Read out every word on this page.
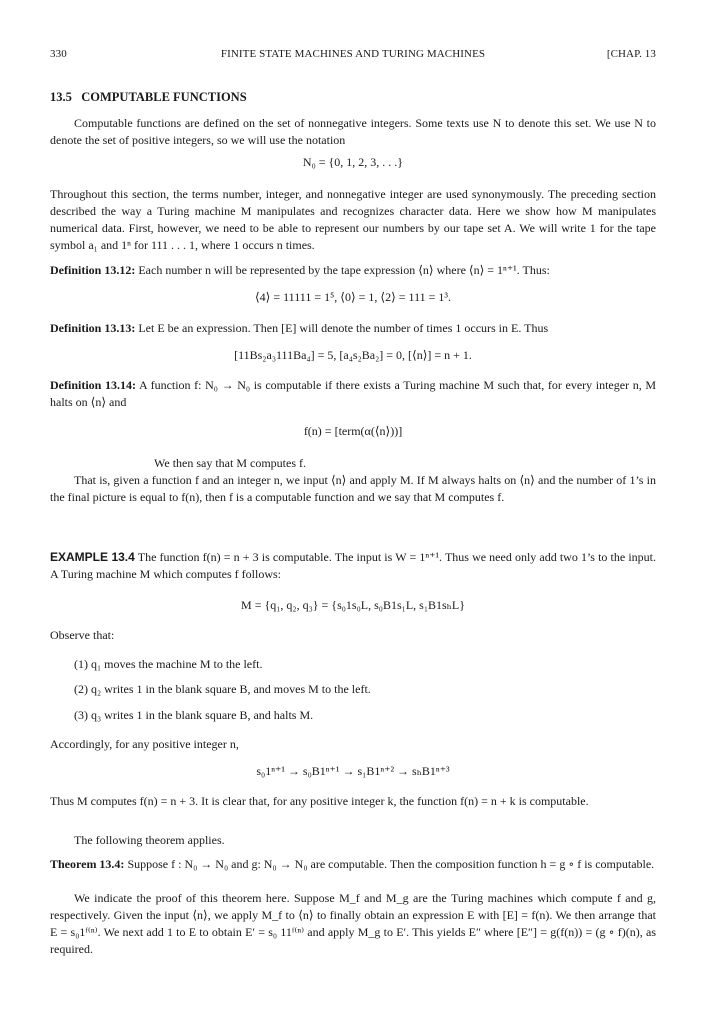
330	FINITE STATE MACHINES AND TURING MACHINES	[CHAP. 13
13.5 COMPUTABLE FUNCTIONS
Computable functions are defined on the set of nonnegative integers. Some texts use N to denote this set. We use N to denote the set of positive integers, so we will use the notation
N₀ = {0, 1, 2, 3, . . .}
Throughout this section, the terms number, integer, and nonnegative integer are used synonymously. The preceding section described the way a Turing machine M manipulates and recognizes character data. Here we show how M manipulates numerical data. First, however, we need to be able to represent our numbers by our tape set A. We will write 1 for the tape symbol a₁ and 1ⁿ for 111 . . . 1, where 1 occurs n times.
Definition 13.12: Each number n will be represented by the tape expression ⟨n⟩ where ⟨n⟩ = 1ⁿ⁺¹. Thus:
⟨4⟩ = 11111 = 1⁵, ⟨0⟩ = 1, ⟨2⟩ = 111 = 1³.
Definition 13.13: Let E be an expression. Then [E] will denote the number of times 1 occurs in E. Thus
[11Bs₂a₃111Ba₄] = 5, [a₄s₂Ba₂] = 0, [⟨n⟩] = n + 1.
Definition 13.14: A function f: N₀ → N₀ is computable if there exists a Turing machine M such that, for every integer n, M halts on ⟨n⟩ and
f(n) = [term(α(⟨n⟩))]
We then say that M computes f.
That is, given a function f and an integer n, we input ⟨n⟩ and apply M. If M always halts on ⟨n⟩ and the number of 1’s in the final picture is equal to f(n), then f is a computable function and we say that M computes f.
EXAMPLE 13.4 The function f(n) = n + 3 is computable. The input is W = 1ⁿ⁺¹. Thus we need only add two 1’s to the input. A Turing machine M which computes f follows:
M = {q₁, q₂, q₃} = {s₀1s₀L, s₀B1s₁L, s₁B1sₕL}
Observe that:
(1) q₁ moves the machine M to the left.
(2) q₂ writes 1 in the blank square B, and moves M to the left.
(3) q₃ writes 1 in the blank square B, and halts M.
Accordingly, for any positive integer n,
s₀1ⁿ⁺¹ → s₀B1ⁿ⁺¹ → s₁B1ⁿ⁺² → sₕB1ⁿ⁺³
Thus M computes f(n) = n + 3. It is clear that, for any positive integer k, the function f(n) = n + k is computable.
The following theorem applies.
Theorem 13.4: Suppose f : N₀ → N₀ and g: N₀ → N₀ are computable. Then the composition function h = g ∘ f is computable.
We indicate the proof of this theorem here. Suppose M_f and M_g are the Turing machines which compute f and g, respectively. Given the input ⟨n⟩, we apply M_f to ⟨n⟩ to finally obtain an expression E with [E] = f(n). We then arrange that E = s₀1ᶠ⁽ⁿ⁾. We next add 1 to E to obtain E′ = s₀ 11ᶠ⁽ⁿ⁾ and apply M_g to E′. This yields E″ where [E″] = g(f(n)) = (g ∘ f)(n), as required.
